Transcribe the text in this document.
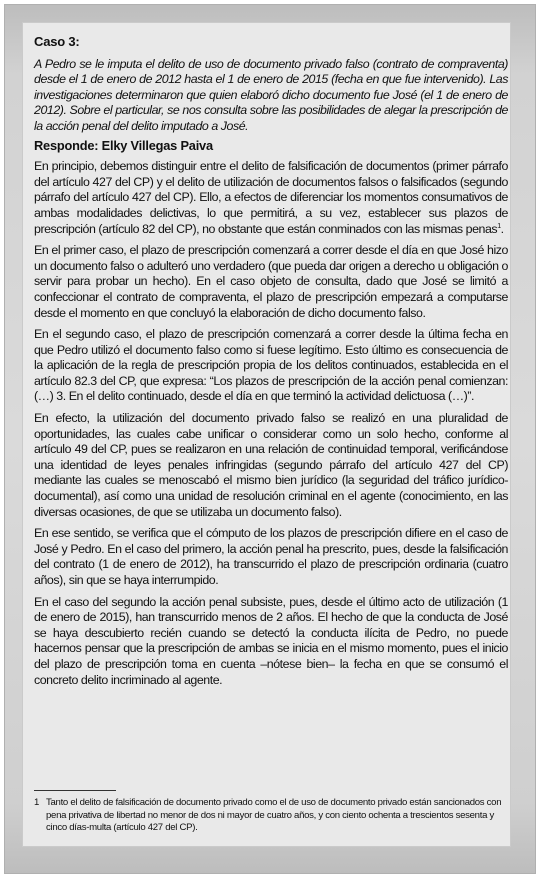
Caso 3:
A Pedro se le imputa el delito de uso de documento privado falso (contrato de compraventa) desde el 1 de enero de 2012 hasta el 1 de enero de 2015 (fecha en que fue intervenido). Las investigaciones determinaron que quien elaboró dicho documento fue José (el 1 de enero de 2012). Sobre el particular, se nos consulta sobre las posibilidades de alegar la prescripción de la acción penal del delito imputado a José.
Responde: Elky Villegas Paiva
En principio, debemos distinguir entre el delito de falsificación de documentos (primer párrafo del artículo 427 del CP) y el delito de utilización de documentos falsos o falsificados (segundo párrafo del artículo 427 del CP). Ello, a efectos de diferenciar los momentos consumativos de ambas modalidades delictivas, lo que permitirá, a su vez, establecer sus plazos de prescripción (artículo 82 del CP), no obstante que están conminados con las mismas penas$^1$.
En el primer caso, el plazo de prescripción comenzará a correr desde el día en que José hizo un documento falso o adulteró uno verdadero (que pueda dar origen a derecho u obligación o servir para probar un hecho). En el caso objeto de consulta, dado que José se limitó a confeccionar el contrato de compraventa, el plazo de prescripción empezará a computarse desde el momento en que concluyó la elaboración de dicho documento falso.
En el segundo caso, el plazo de prescripción comenzará a correr desde la última fecha en que Pedro utilizó el documento falso como si fuese legítimo. Esto último es consecuencia de la aplicación de la regla de prescripción propia de los delitos continuados, establecida en el artículo 82.3 del CP, que expresa: “Los plazos de prescripción de la acción penal comienzan: (…) 3. En el delito continuado, desde el día en que terminó la actividad delictuosa (…)”.
En efecto, la utilización del documento privado falso se realizó en una pluralidad de oportunidades, las cuales cabe unificar o considerar como un solo hecho, conforme al artículo 49 del CP, pues se realizaron en una relación de continuidad temporal, verificándose una identidad de leyes penales infringidas (segundo párrafo del artículo 427 del CP) mediante las cuales se menoscabó el mismo bien jurídico (la seguridad del tráfico jurídico-documental), así como una unidad de resolución criminal en el agente (conocimiento, en las diversas ocasiones, de que se utilizaba un documento falso).
En ese sentido, se verifica que el cómputo de los plazos de prescripción difiere en el caso de José y Pedro. En el caso del primero, la acción penal ha prescrito, pues, desde la falsificación del contrato (1 de enero de 2012), ha transcurrido el plazo de prescripción ordinaria (cuatro años), sin que se haya interrumpido.
En el caso del segundo la acción penal subsiste, pues, desde el último acto de utilización (1 de enero de 2015), han transcurrido menos de 2 años. El hecho de que la conducta de José se haya descubierto recién cuando se detectó la conducta ilícita de Pedro, no puede hacernos pensar que la prescripción de ambas se inicia en el mismo momento, pues el inicio del plazo de prescripción toma en cuenta –nótese bien– la fecha en que se consumó el concreto delito incriminado al agente.
1 Tanto el delito de falsificación de documento privado como el de uso de documento privado están sancionados con pena privativa de libertad no menor de dos ni mayor de cuatro años, y con ciento ochenta a trescientos sesenta y cinco días-multa (artículo 427 del CP).
